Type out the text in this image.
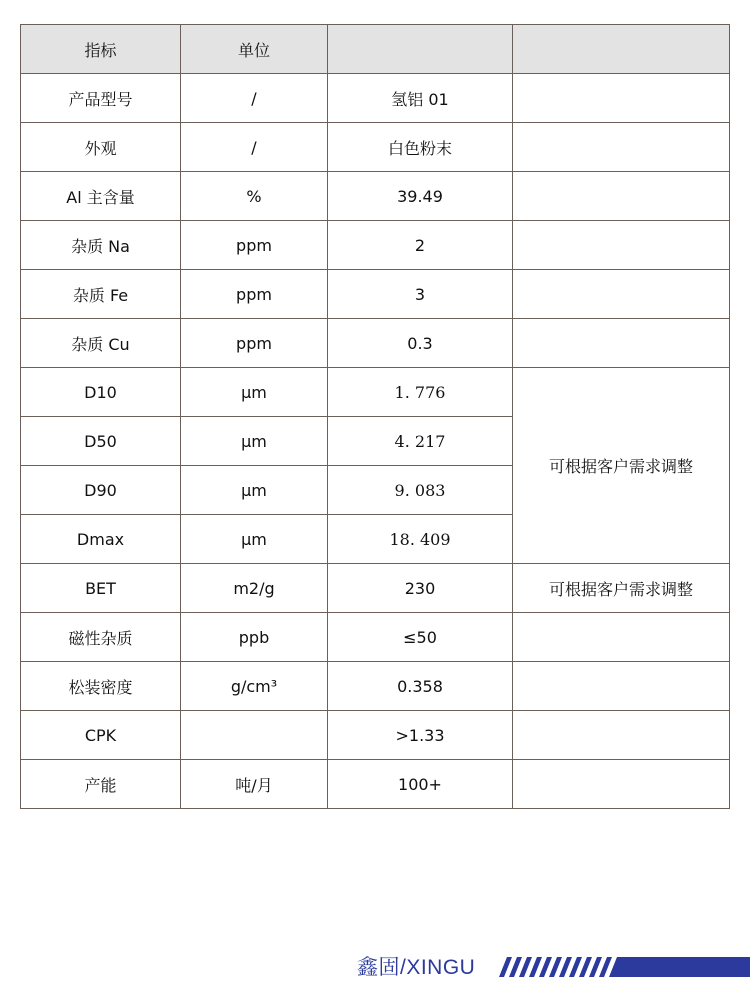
指标	单位		
产品型号	/	氢铝 01	
外观	/	白色粉末	
Al 主含量	%	39.49	
杂质 Na	ppm	2	
杂质 Fe	ppm	3	
杂质 Cu	ppm	0.3	
D10	μm	1. 776	可根据客户需求调整
D50	μm	4. 217	
D90	μm	9. 083	
Dmax	μm	18. 409	
BET	m2/g	230	可根据客户需求调整
磁性杂质	ppb	≤50	
松装密度	g/cm³	0.358	
CPK		>1.33	
产能	吨/月	100+	
鑫固/XINGU
